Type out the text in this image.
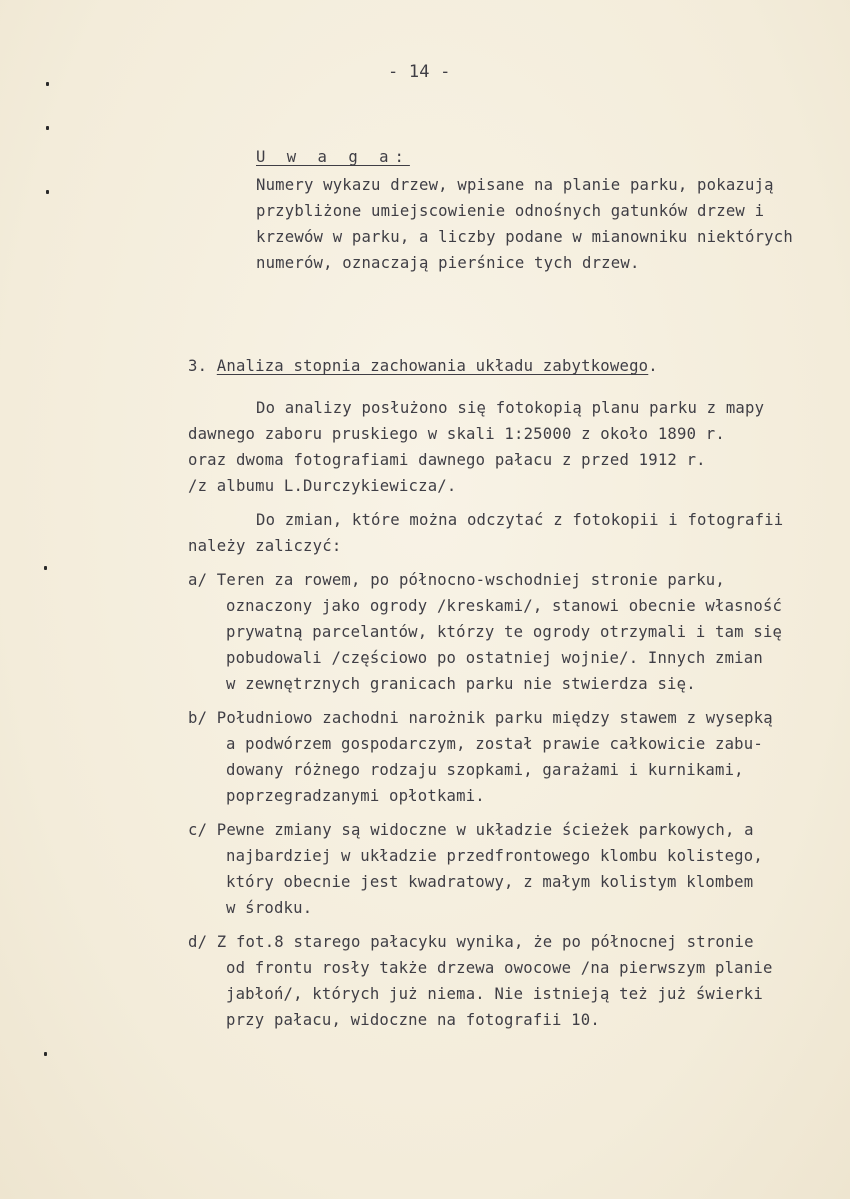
- 14 -
U w a g a:
Numery wykazu drzew, wpisane na planie parku, pokazują
przybliżone umiejscowienie odnośnych gatunków drzew i
krzewów w parku, a liczby podane w mianowniku niektórych
numerów, oznaczają pierśnice tych drzew.
3. Analiza stopnia zachowania układu zabytkowego.
Do analizy posłużono się fotokopią planu parku z mapy
dawnego zaboru pruskiego w skali 1:25000 z około 1890 r.
oraz dwoma fotografiami dawnego pałacu z przed 1912 r.
/z albumu L.Durczykiewicza/.
Do zmian, które można odczytać z fotokopii i fotografii
należy zaliczyć:
a/ Teren za rowem, po północno-wschodniej stronie parku,
oznaczony jako ogrody /kreskami/, stanowi obecnie własność
prywatną parcelantów, którzy te ogrody otrzymali i tam się
pobudowali /częściowo po ostatniej wojnie/. Innych zmian
w zewnętrznych granicach parku nie stwierdza się.
b/ Południowo zachodni narożnik parku między stawem z wysepką
a podwórzem gospodarczym, został prawie całkowicie zabu-
dowany różnego rodzaju szopkami, garażami i kurnikami,
poprzegradzanymi opłotkami.
c/ Pewne zmiany są widoczne w układzie ścieżek parkowych, a
najbardziej w układzie przedfrontowego klombu kolistego,
który obecnie jest kwadratowy, z małym kolistym klombem
w środku.
d/ Z fot.8 starego pałacyku wynika, że po północnej stronie
od frontu rosły także drzewa owocowe /na pierwszym planie
jabłoń/, których już niema. Nie istnieją też już świerki
przy pałacu, widoczne na fotografii 10.
